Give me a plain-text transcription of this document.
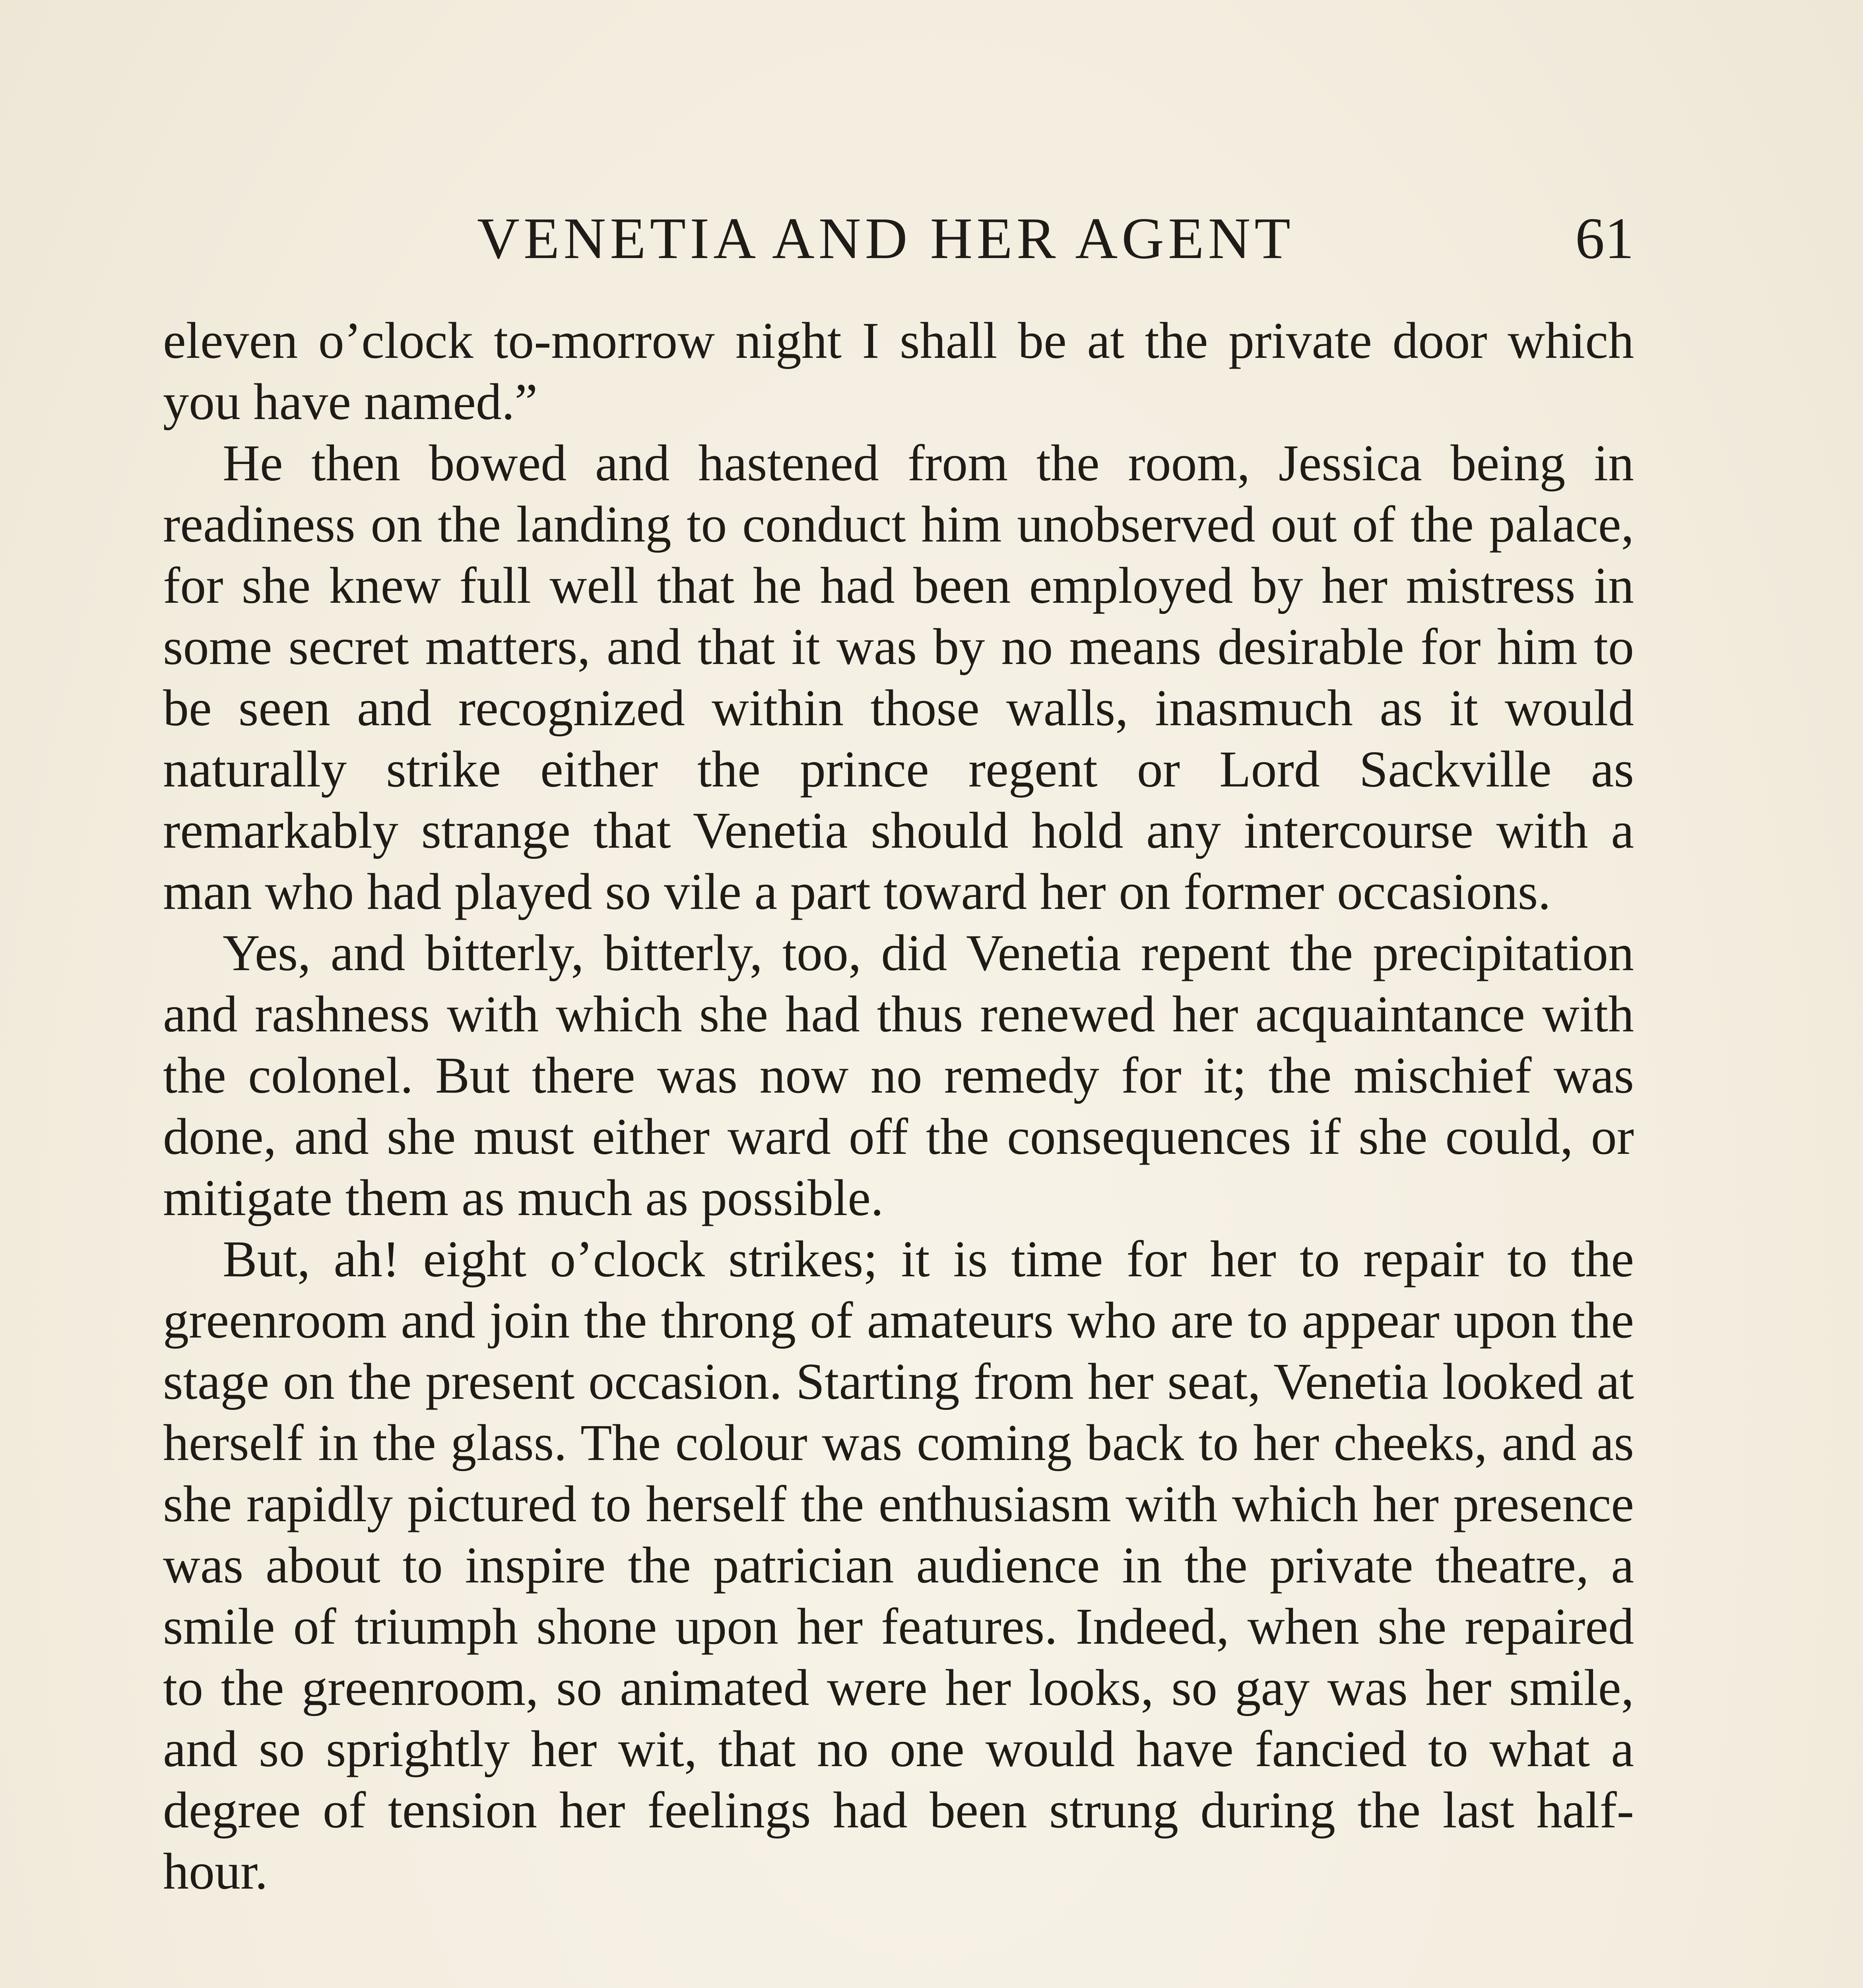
VENETIA AND HER AGENT	61

eleven o’clock to-morrow night I shall be at the private door which you have named.”

He then bowed and hastened from the room, Jessica being in readiness on the landing to conduct him unobserved out of the palace, for she knew full well that he had been employed by her mistress in some secret matters, and that it was by no means desirable for him to be seen and recognized within those walls, inasmuch as it would naturally strike either the prince regent or Lord Sackville as remarkably strange that Venetia should hold any intercourse with a man who had played so vile a part toward her on former occasions.

Yes, and bitterly, bitterly, too, did Venetia repent the precipitation and rashness with which she had thus renewed her acquaintance with the colonel. But there was now no remedy for it; the mischief was done, and she must either ward off the consequences if she could, or mitigate them as much as possible.

But, ah! eight o’clock strikes; it is time for her to repair to the greenroom and join the throng of amateurs who are to appear upon the stage on the present occasion. Starting from her seat, Venetia looked at herself in the glass. The colour was coming back to her cheeks, and as she rapidly pictured to herself the enthusiasm with which her presence was about to inspire the patrician audience in the private theatre, a smile of triumph shone upon her features. Indeed, when she repaired to the greenroom, so animated were her looks, so gay was her smile, and so sprightly her wit, that no one would have fancied to what a degree of tension her feelings had been strung during the last half-hour.
